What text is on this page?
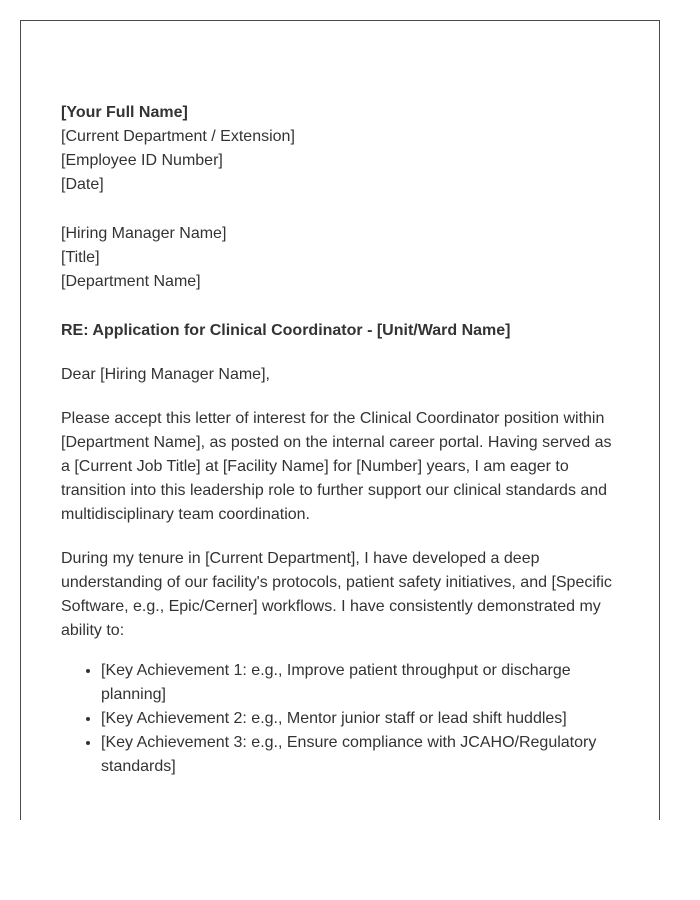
[Your Full Name]
[Current Department / Extension]
[Employee ID Number]
[Date]
[Hiring Manager Name]
[Title]
[Department Name]
RE: Application for Clinical Coordinator - [Unit/Ward Name]
Dear [Hiring Manager Name],

Please accept this letter of interest for the Clinical Coordinator position within [Department Name], as posted on the internal career portal. Having served as a [Current Job Title] at [Facility Name] for [Number] years, I am eager to transition into this leadership role to further support our clinical standards and multidisciplinary team coordination.

During my tenure in [Current Department], I have developed a deep understanding of our facility's protocols, patient safety initiatives, and [Specific Software, e.g., Epic/Cerner] workflows. I have consistently demonstrated my ability to:

• [Key Achievement 1: e.g., Improve patient throughput or discharge planning]
• [Key Achievement 2: e.g., Mentor junior staff or lead shift huddles]
• [Key Achievement 3: e.g., Ensure compliance with JCAHO/Regulatory standards]
